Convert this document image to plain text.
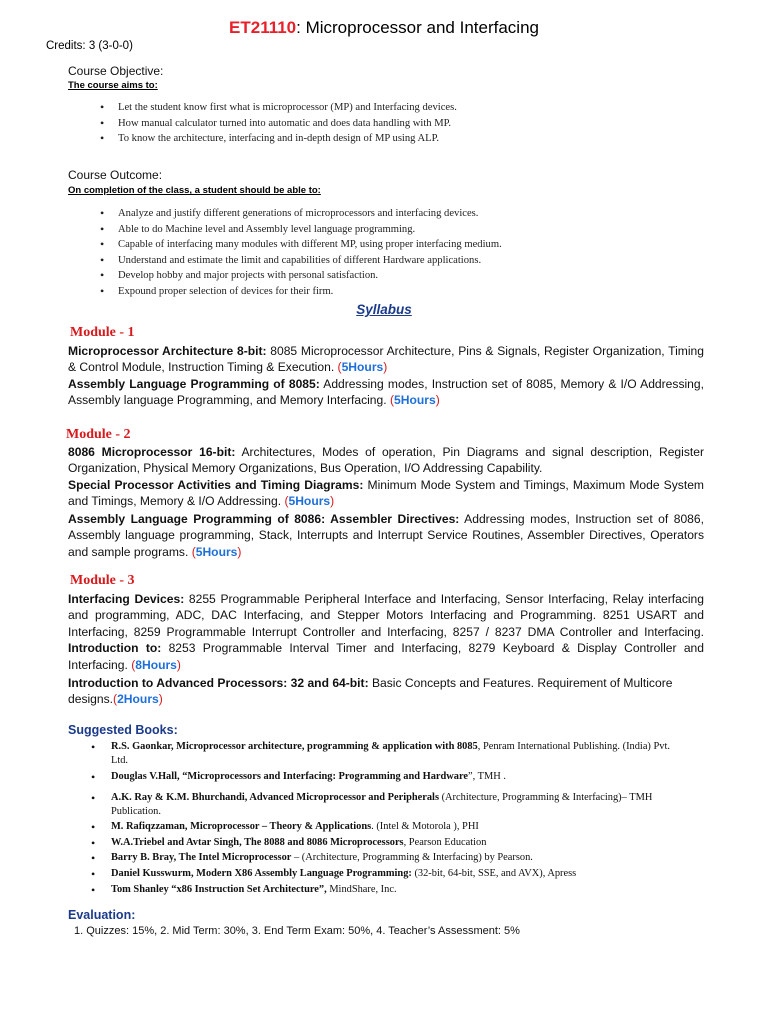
ET21110: Microprocessor and Interfacing
Credits: 3 (3-0-0)
Course Objective:
The course aims to:
• Let the student know first what is microprocessor (MP) and Interfacing devices.
• How manual calculator turned into automatic and does data handling with MP.
• To know the architecture, interfacing and in-depth design of MP using ALP.
Course Outcome:
On completion of the class, a student should be able to:
• Analyze and justify different generations of microprocessors and interfacing devices.
• Able to do Machine level and Assembly level language programming.
• Capable of interfacing many modules with different MP, using proper interfacing medium.
• Understand and estimate the limit and capabilities of different Hardware applications.
• Develop hobby and major projects with personal satisfaction.
• Expound proper selection of devices for their firm.
Syllabus
Module - 1
Microprocessor Architecture 8-bit: 8085 Microprocessor Architecture, Pins & Signals, Register Organization, Timing & Control Module, Instruction Timing & Execution. (5Hours)
Assembly Language Programming of 8085: Addressing modes, Instruction set of 8085, Memory & I/O Addressing, Assembly language Programming, and Memory Interfacing. (5Hours)
Module - 2
8086 Microprocessor 16-bit: Architectures, Modes of operation, Pin Diagrams and signal description, Register Organization, Physical Memory Organizations, Bus Operation, I/O Addressing Capability.
Special Processor Activities and Timing Diagrams: Minimum Mode System and Timings, Maximum Mode System and Timings, Memory & I/O Addressing. (5Hours)
Assembly Language Programming of 8086: Assembler Directives: Addressing modes, Instruction set of 8086, Assembly language programming, Stack, Interrupts and Interrupt Service Routines, Assembler Directives, Operators and sample programs. (5Hours)
Module - 3
Interfacing Devices: 8255 Programmable Peripheral Interface and Interfacing, Sensor Interfacing, Relay interfacing and programming, ADC, DAC Interfacing, and Stepper Motors Interfacing and Programming. 8251 USART and Interfacing, 8259 Programmable Interrupt Controller and Interfacing, 8257 / 8237 DMA Controller and Interfacing. Introduction to: 8253 Programmable Interval Timer and Interfacing, 8279 Keyboard & Display Controller and Interfacing. (8Hours)
Introduction to Advanced Processors: 32 and 64-bit: Basic Concepts and Features. Requirement of Multicore designs.(2Hours)
Suggested Books:
• R.S. Gaonkar, Microprocessor architecture, programming & application with 8085, Penram International Publishing. (India) Pvt. Ltd.
• Douglas V.Hall, “Microprocessors and Interfacing: Programming and Hardware”, TMH .
• A.K. Ray & K.M. Bhurchandi, Advanced Microprocessor and Peripherals (Architecture, Programming & Interfacing)– TMH Publication.
• M. Rafiqzzaman, Microprocessor – Theory & Applications. (Intel & Motorola ), PHI
• W.A.Triebel and Avtar Singh, The 8088 and 8086 Microprocessors, Pearson Education
• Barry B. Bray, The Intel Microprocessor – (Architecture, Programming & Interfacing) by Pearson.
• Daniel Kusswurm, Modern X86 Assembly Language Programming: (32-bit, 64-bit, SSE, and AVX), Apress
• Tom Shanley “x86 Instruction Set Architecture”, MindShare, Inc.
Evaluation:
1. Quizzes: 15%, 2. Mid Term: 30%, 3. End Term Exam: 50%, 4. Teacher’s Assessment: 5%
